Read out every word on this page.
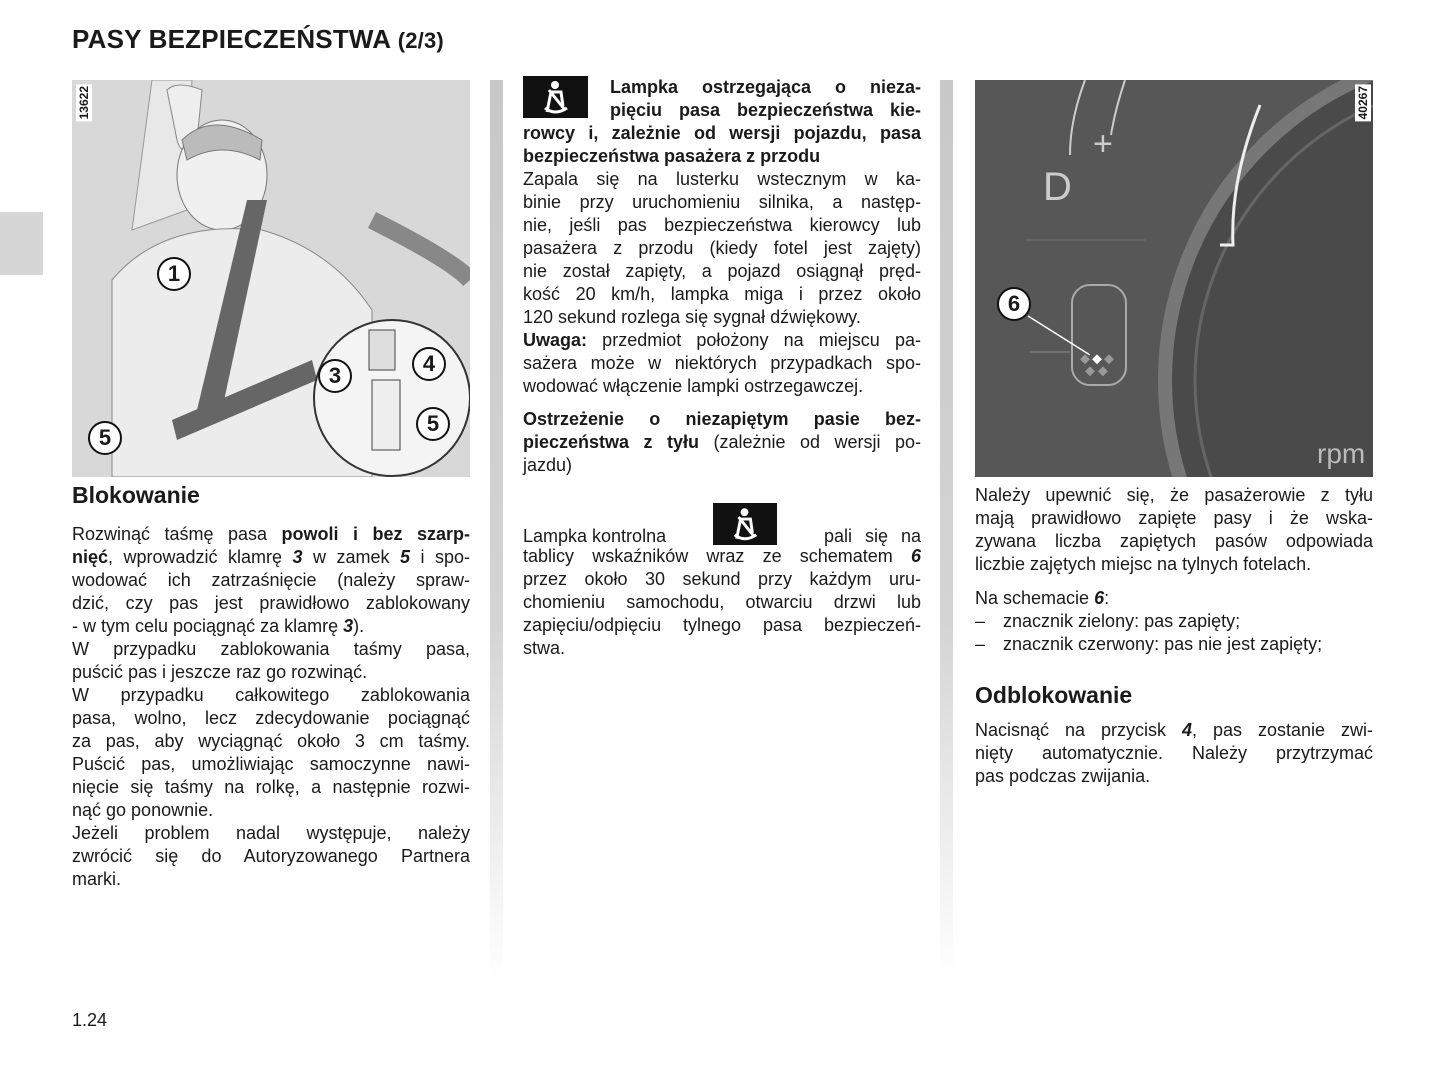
PASY BEZPIECZEŃSTWA (2/3)
13622
1
3	4
5
5
D
+
rpm
40267
6
Blokowanie
Rozwinąć taśmę pasa powoli i bez szarp-
nięć, wprowadzić klamrę 3 w zamek 5 i spo-
wodować ich zatrzaśnięcie (należy spraw-
dzić, czy pas jest prawidłowo zablokowany
- w tym celu pociągnąć za klamrę 3).
W przypadku zablokowania taśmy pasa,
puścić pas i jeszcze raz go rozwinąć.
W przypadku całkowitego zablokowania
pasa, wolno, lecz zdecydowanie pociągnąć
za pas, aby wyciągnąć około 3 cm taśmy.
Puścić pas, umożliwiając samoczynne nawi-
nięcie się taśmy na rolkę, a następnie rozwi-
nąć go ponownie.
Jeżeli problem nadal występuje, należy
zwrócić się do Autoryzowanego Partnera
marki.
Lampka ostrzegająca o nieza-
pięciu pasa bezpieczeństwa kie-
rowcy i, zależnie od wersji pojazdu, pasa
bezpieczeństwa pasażera z przodu
Zapala się na lusterku wstecznym w ka-
binie przy uruchomieniu silnika, a następ-
nie, jeśli pas bezpieczeństwa kierowcy lub
pasażera z przodu (kiedy fotel jest zajęty)
nie został zapięty, a pojazd osiągnął pręd-
kość 20 km/h, lampka miga i przez około
120 sekund rozlega się sygnał dźwiękowy.
Uwaga: przedmiot położony na miejscu pa-
sażera może w niektórych przypadkach spo-
wodować włączenie lampki ostrzegawczej.
Ostrzeżenie o niezapiętym pasie bez-
pieczeństwa z tyłu (zależnie od wersji po-
jazdu)
Lampka kontrolna	pali się na
tablicy wskaźników wraz ze schematem 6
przez około 30 sekund przy każdym uru-
chomieniu samochodu, otwarciu drzwi lub
zapięciu/odpięciu tylnego pasa bezpieczeń-
stwa.
Należy upewnić się, że pasażerowie z tyłu
mają prawidłowo zapięte pasy i że wska-
zywana liczba zapiętych pasów odpowiada
liczbie zajętych miejsc na tylnych fotelach.
Na schemacie 6:
– znacznik zielony: pas zapięty;
– znacznik czerwony: pas nie jest zapięty;
Odblokowanie
Nacisnąć na przycisk 4, pas zostanie zwi-
nięty automatycznie. Należy przytrzymać
pas podczas zwijania.
1.24
